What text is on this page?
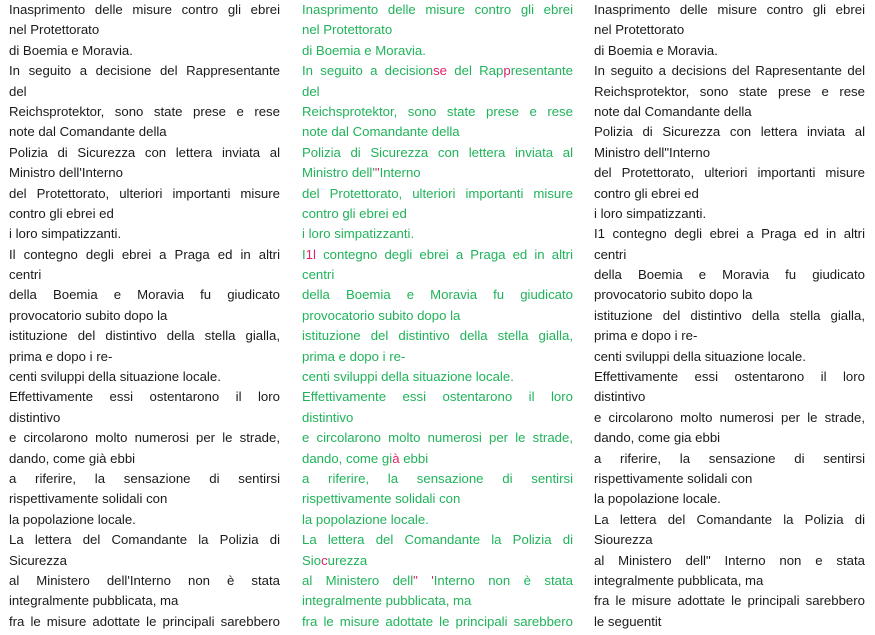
Inasprimento delle misure contro gli ebrei
nel Protettorato
di Boemia e Moravia.
In seguito a decisione del Rappresentante
del
Reichsprotektor, sono state prese e rese
note dal Comandante della
Polizia di Sicurezza con lettera inviata al
Ministro dell'Interno
del Protettorato, ulteriori importanti misure
contro gli ebrei ed
i loro simpatizzanti.
Il contegno degli ebrei a Praga ed in altri
centri
della Boemia e Moravia fu giudicato
provocatorio subito dopo la
istituzione del distintivo della stella gialla,
prima e dopo i re-
centi sviluppi della situazione locale.
Effettivamente essi ostentarono il loro
distintivo
e circolarono molto numerosi per le strade,
dando, come già ebbi
a riferire, la sensazione di sentirsi
rispettivamente solidali con
la popolazione locale.
La lettera del Comandante la Polizia di
Sicurezza
al Ministero dell'Interno non è stata
integralmente pubblicata, ma
fra le misure adottate le principali sarebbero
Inasprimento delle misure contro gli ebrei
nel Protettorato
di Boemia e Moravia.
In seguito a decisionse del Rappresentante
del
Reichsprotektor, sono state prese e rese
note dal Comandante della
Polizia di Sicurezza con lettera inviata al
Ministro dell'"Interno
del Protettorato, ulteriori importanti misure
contro gli ebrei ed
i loro simpatizzanti.
I1l contegno degli ebrei a Praga ed in altri
centri
della Boemia e Moravia fu giudicato
provocatorio subito dopo la
istituzione del distintivo della stella gialla,
prima e dopo i re-
centi sviluppi della situazione locale.
Effettivamente essi ostentarono il loro
distintivo
e circolarono molto numerosi per le strade,
dando, come già ebbi
a riferire, la sensazione di sentirsi
rispettivamente solidali con
la popolazione locale.
La lettera del Comandante la Polizia di
Siocurezza
al Ministero dell" 'Interno non è stata
integralmente pubblicata, ma
fra le misure adottate le principali sarebbero
Inasprimento delle misure contro gli ebrei
nel Protettorato
di Boemia e Moravia.
In seguito a decisions del Rapresentante del
Reichsprotektor, sono state prese e rese
note dal Comandante della
Polizia di Sicurezza con lettera inviata al
Ministro dell"Interno
del Protettorato, ulteriori importanti misure
contro gli ebrei ed
i loro simpatizzanti.
I1 contegno degli ebrei a Praga ed in altri
centri
della Boemia e Moravia fu giudicato
provocatorio subito dopo la
istituzione del distintivo della stella gialla,
prima e dopo i re-
centi sviluppi della situazione locale.
Effettivamente essi ostentarono il loro
distintivo
e circolarono molto numerosi per le strade,
dando, come gia ebbi
a riferire, la sensazione di sentirsi
rispettivamente solidali con
la popolazione locale.
La lettera del Comandante la Polizia di
Siourezza
al Ministero dell" Interno non e stata
integralmente pubblicata, ma
fra le misure adottate le principali sarebbero
le seguentit
